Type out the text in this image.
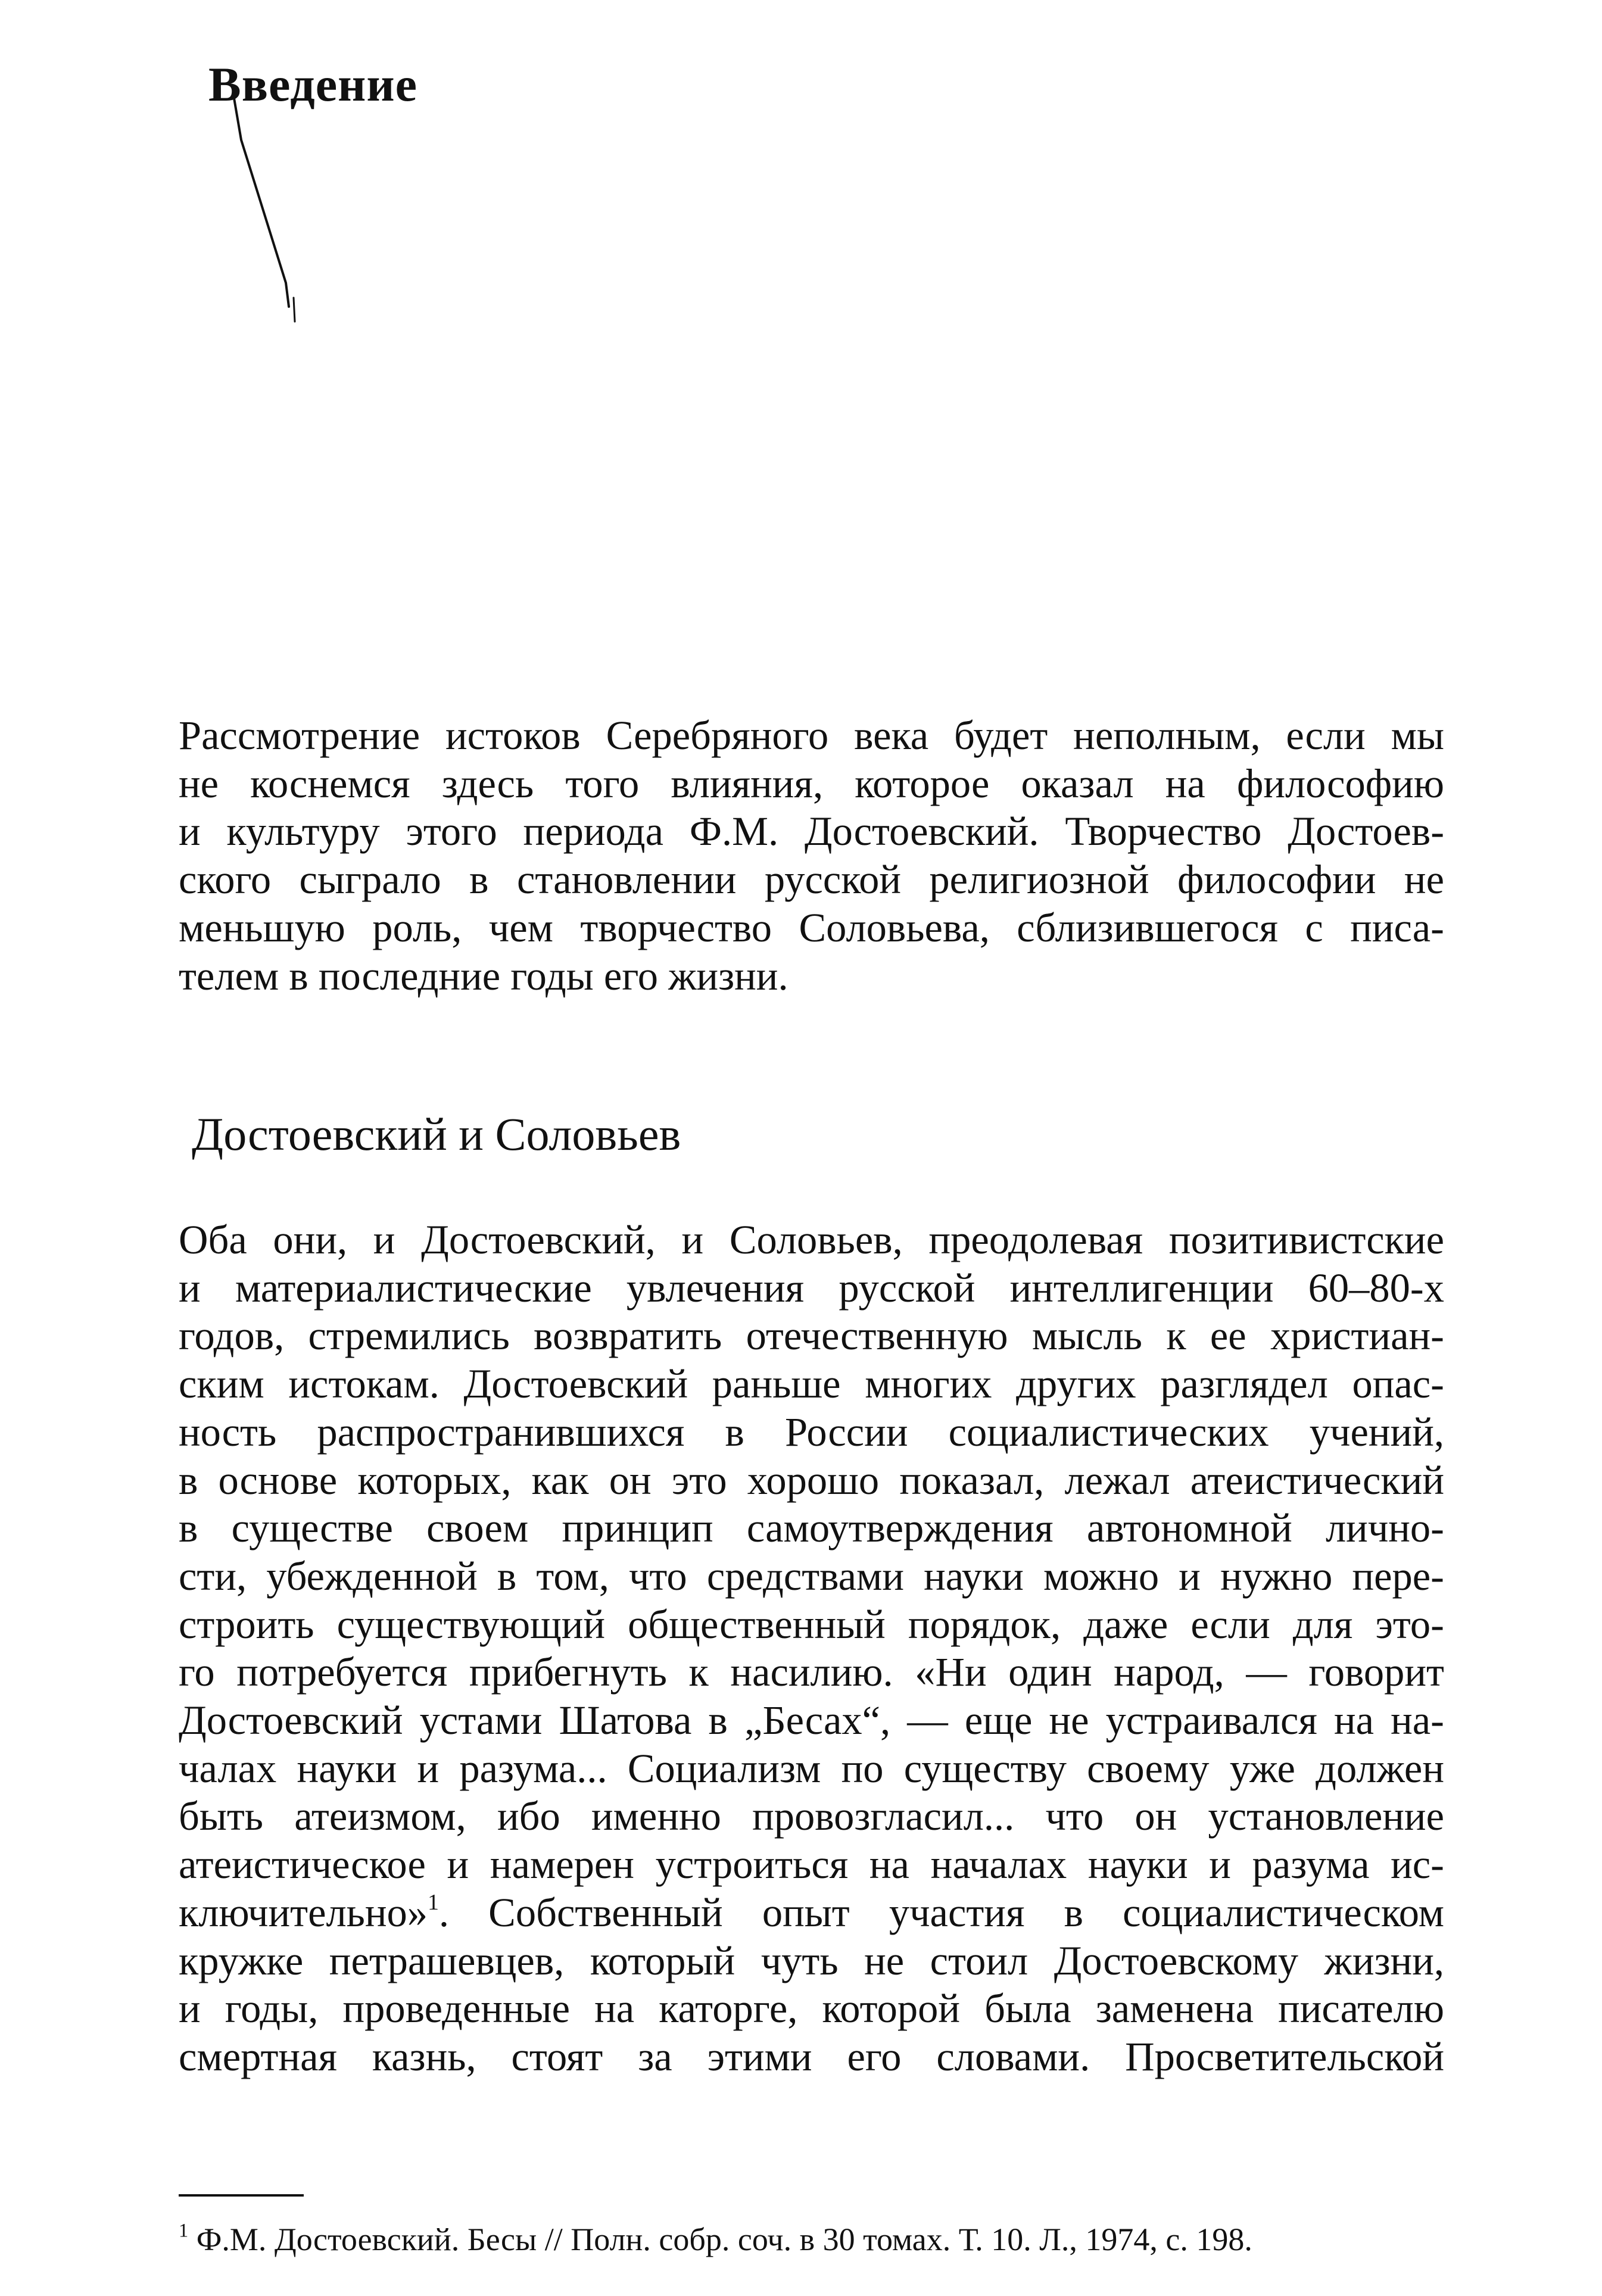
Введение
Рассмотрение истоков Серебряного века будет неполным, если мы
не коснемся здесь того влияния, которое оказал на философию
и культуру этого периода Ф.М. Достоевский. Творчество Достоев-
ского сыграло в становлении русской религиозной философии не
меньшую роль, чем творчество Соловьева, сблизившегося с писа-
телем в последние годы его жизни.
Достоевский и Соловьев
Оба они, и Достоевский, и Соловьев, преодолевая позитивистские
и материалистические увлечения русской интеллигенции 60–80-х
годов, стремились возвратить отечественную мысль к ее христиан-
ским истокам. Достоевский раньше многих других разглядел опас-
ность распространившихся в России социалистических учений,
в основе которых, как он это хорошо показал, лежал атеистический
в существе своем принцип самоутверждения автономной лично-
сти, убежденной в том, что средствами науки можно и нужно пере-
строить существующий общественный порядок, даже если для это-
го потребуется прибегнуть к насилию. «Ни один народ, — говорит
Достоевский устами Шатова в „Бесах“, — еще не устраивался на на-
чалах науки и разума... Социализм по существу своему уже должен
быть атеизмом, ибо именно провозгласил... что он установление
атеистическое и намерен устроиться на началах науки и разума ис-
ключительно»$^1$. Собственный опыт участия в социалистическом
кружке петрашевцев, который чуть не стоил Достоевскому жизни,
и годы, проведенные на каторге, которой была заменена писателю
смертная казнь, стоят за этими его словами. Просветительской

$^1$ Ф.М. Достоевский. Бесы // Полн. собр. соч. в 30 томах. Т. 10. Л., 1974, с. 198.
